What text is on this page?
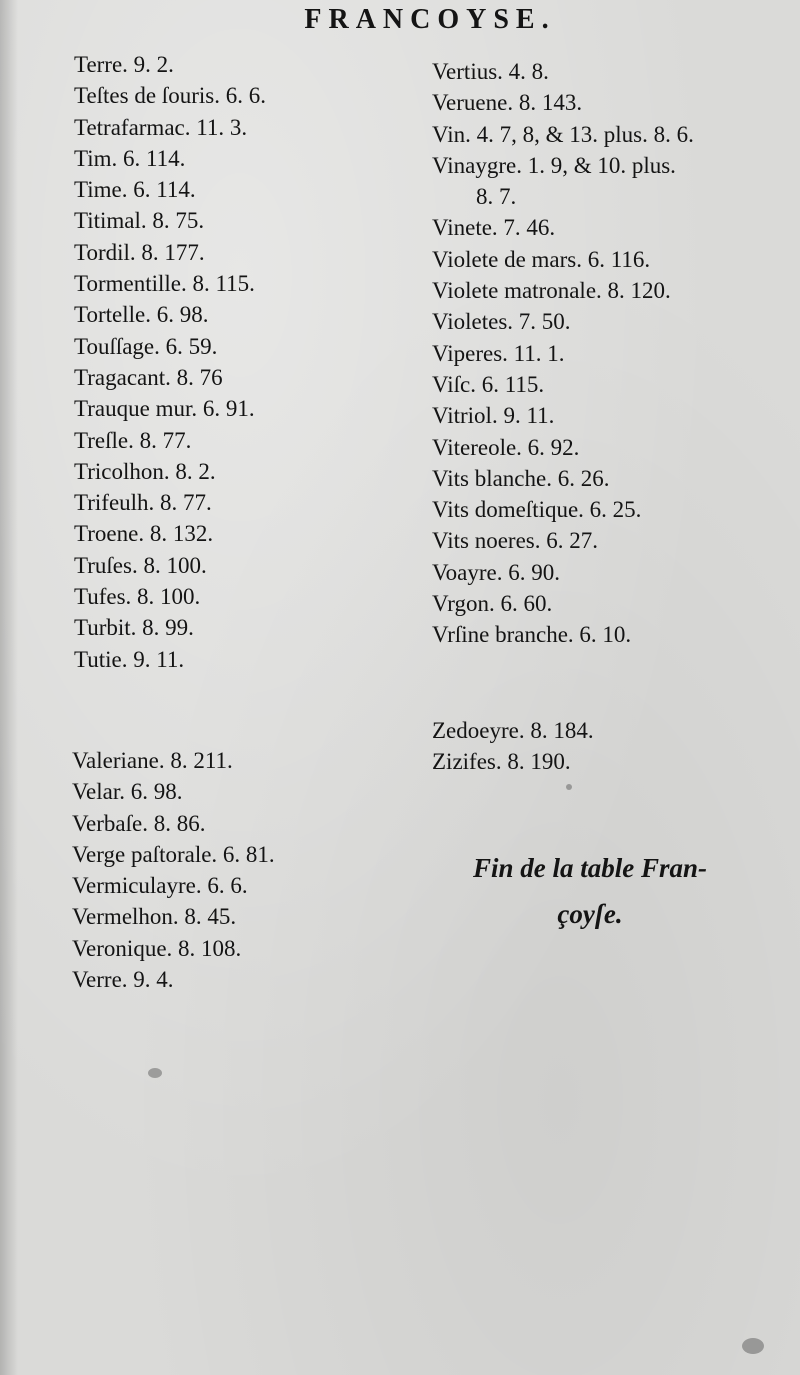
FRANCOYSE.
Terre. 9. 2.
Teſtes de ſouris. 6. 6.
Tetrafarmac. 11. 3.
Tim. 6. 114.
Time. 6. 114.
Titimal. 8. 75.
Tordil. 8. 177.
Tormentille. 8. 115.
Tortelle. 6. 98.
Touſſage. 6. 59.
Tragacant. 8. 76
Trauque mur. 6. 91.
Treſle. 8. 77.
Tricolhon. 8. 2.
Trifeulh. 8. 77.
Troene. 8. 132.
Truſes. 8. 100.
Tufes. 8. 100.
Turbit. 8. 99.
Tutie. 9. 11.
Valeriane. 8. 211.
Velar. 6. 98.
Verbaſe. 8. 86.
Verge paſtorale. 6. 81.
Vermiculayre. 6. 6.
Vermelhon. 8. 45.
Veronique. 8. 108.
Verre. 9. 4.
Vertius. 4. 8.
Veruene. 8. 143.
Vin. 4. 7, 8, & 13. plus. 8. 6.
Vinaygre. 1. 9, & 10. plus.
8. 7.
Vinete. 7. 46.
Violete de mars. 6. 116.
Violete matronale. 8. 120.
Violetes. 7. 50.
Viperes. 11. 1.
Viſc. 6. 115.
Vitriol. 9. 11.
Vitereole. 6. 92.
Vits blanche. 6. 26.
Vits domeſtique. 6. 25.
Vits noeres. 6. 27.
Voayre. 6. 90.
Vrgon. 6. 60.
Vrſine branche. 6. 10.
Zedoeyre. 8. 184.
Zizifes. 8. 190.
Fin de la table Fran-
çoyſe.
